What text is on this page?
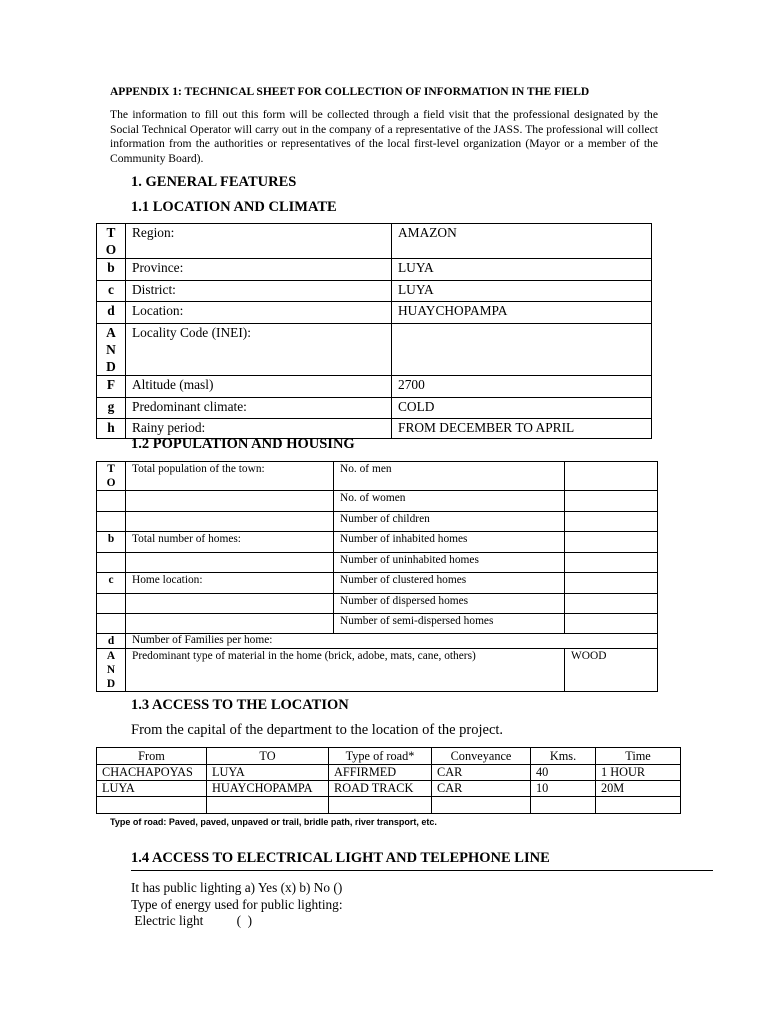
APPENDIX 1: TECHNICAL SHEET FOR COLLECTION OF INFORMATION IN THE FIELD
The information to fill out this form will be collected through a field visit that the professional designated by the Social Technical Operator will carry out in the company of a representative of the JASS. The professional will collect information from the authorities or representatives of the local first-level organization (Mayor or a member of the Community Board).
1. GENERAL FEATURES
1.1 LOCATION AND CLIMATE
T
O	Region:	AMAZON
b	Province:	LUYA
c	District:	LUYA
d	Location:	HUAYCHOPAMPA
A
N
D	Locality Code (INEI):	
F	Altitude (masl)	2700
g	Predominant climate:	COLD
h	Rainy period:	FROM DECEMBER TO APRIL
1.2 POPULATION AND HOUSING
T
O	Total population of the town:	No. of men	
		No. of women	
		Number of children	
b	Total number of homes:	Number of inhabited homes	
		Number of uninhabited homes	
c	Home location:	Number of clustered homes	
		Number of dispersed homes	
		Number of semi-dispersed homes	
d	Number of Families per home:		
A
N
D	Predominant type of material in the home (brick, adobe, mats, cane, others)		WOOD
1.3 ACCESS TO THE LOCATION
From the capital of the department to the location of the project.
From	TO	Type of road*	Conveyance	Kms.	Time
CHACHAPOYAS	LUYA	AFFIRMED	CAR	40	1 HOUR
LUYA	HUAYCHOPAMPA	ROAD TRACK	CAR	10	20M

Type of road: Paved, paved, unpaved or trail, bridle path, river transport, etc.
1.4 ACCESS TO ELECTRICAL LIGHT AND TELEPHONE LINE
It has public lighting a) Yes (x) b) No ()
Type of energy used for public lighting:
Electric light          (  )
